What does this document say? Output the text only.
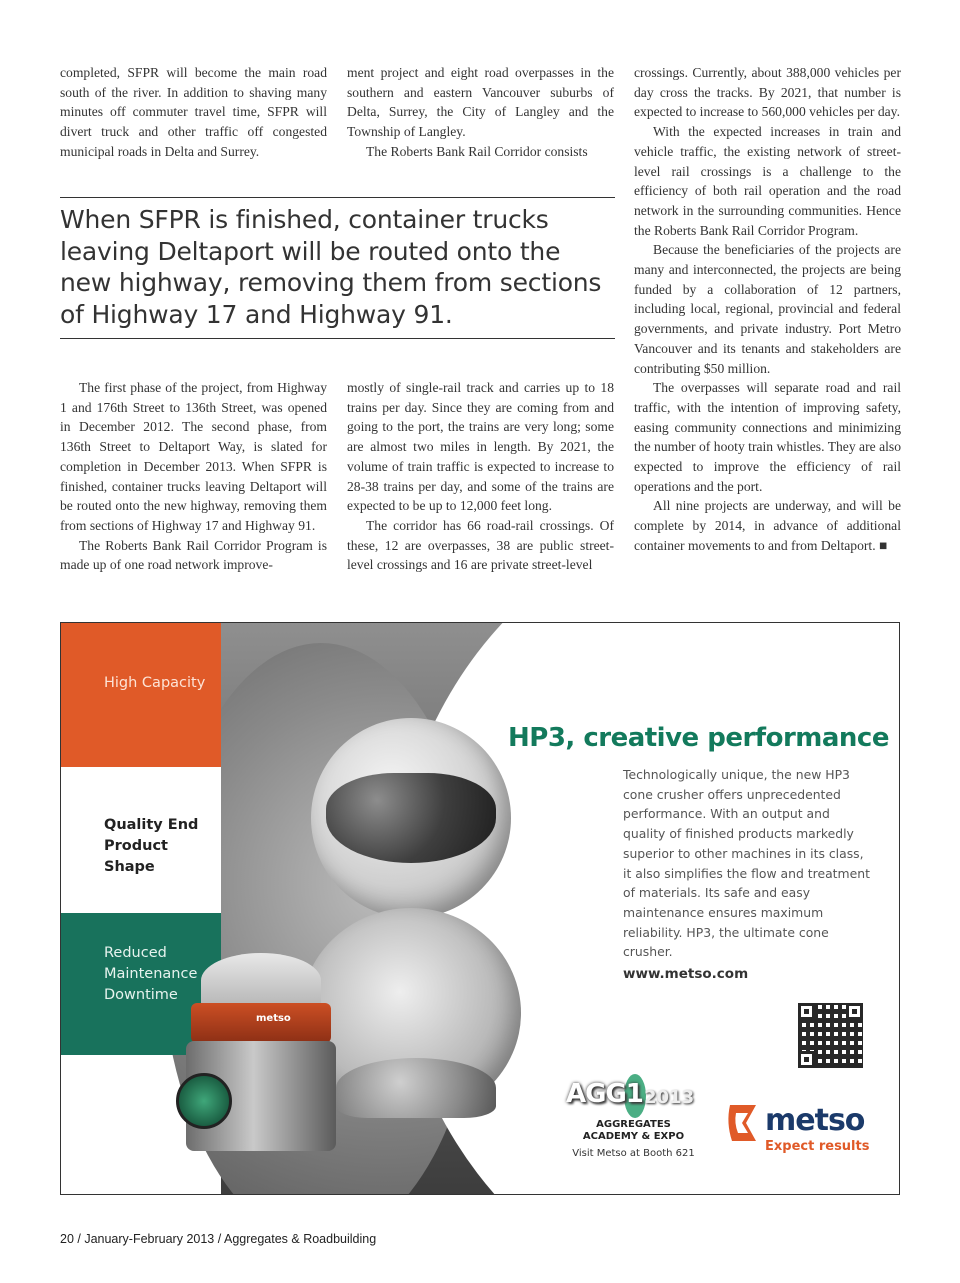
completed, SFPR will become the main road south of the river. In addition to shaving many minutes off commuter travel time, SFPR will divert truck and other traffic off congested municipal roads in Delta and Surrey.

ment project and eight road overpasses in the southern and eastern Vancouver suburbs of Delta, Surrey, the City of Langley and the Township of Langley.

The Roberts Bank Rail Corridor consists

crossings. Currently, about 388,000 vehicles per day cross the tracks. By 2021, that number is expected to increase to 560,000 vehicles per day.

With the expected increases in train and vehicle traffic, the existing network of street-level rail crossings is a challenge to the efficiency of both rail operation and the road network in the surrounding communities. Hence the Roberts Bank Rail Corridor Program.

Because the beneficiaries of the projects are many and interconnected, the projects are being funded by a collaboration of 12 partners, including local, regional, provincial and federal governments, and private industry. Port Metro Vancouver and its tenants and stakeholders are contributing $50 million.

The overpasses will separate road and rail traffic, with the intention of improving safety, easing community connections and minimizing the number of hooty train whistles. They are also expected to improve the efficiency of rail operations and the port.

All nine projects are underway, and will be complete by 2014, in advance of additional container movements to and from Deltaport. ■

When SFPR is finished, container trucks leaving Deltaport will be routed onto the new highway, removing them from sections of Highway 17 and Highway 91.

The first phase of the project, from Highway 1 and 176th Street to 136th Street, was opened in December 2012. The second phase, from 136th Street to Deltaport Way, is slated for completion in December 2013. When SFPR is finished, container trucks leaving Deltaport will be routed onto the new highway, removing them from sections of Highway 17 and Highway 91.

The Roberts Bank Rail Corridor Program is made up of one road network improve-

mostly of single-rail track and carries up to 18 trains per day. Since they are coming from and going to the port, the trains are very long; some are almost two miles in length. By 2021, the volume of train traffic is expected to increase to 28-38 trains per day, and some of the trains are expected to be up to 12,000 feet long.

The corridor has 66 road-rail crossings. Of these, 12 are overpasses, 38 are public street-level crossings and 16 are private street-level

High Capacity
Quality End Product Shape
Reduced Maintenance Downtime
metso
HP3, creative performance
Technologically unique, the new HP3 cone crusher offers unprecedented performance. With an output and quality of finished products markedly superior to other machines in its class, it also simplifies the flow and treatment of materials. Its safe and easy maintenance ensures maximum reliability. HP3, the ultimate cone crusher.
www.metso.com
AGG1 2013
AGGREGATES
ACADEMY & EXPO
Visit Metso at Booth 621
metso
Expect results
20 / January-February 2013 / Aggregates & Roadbuilding
